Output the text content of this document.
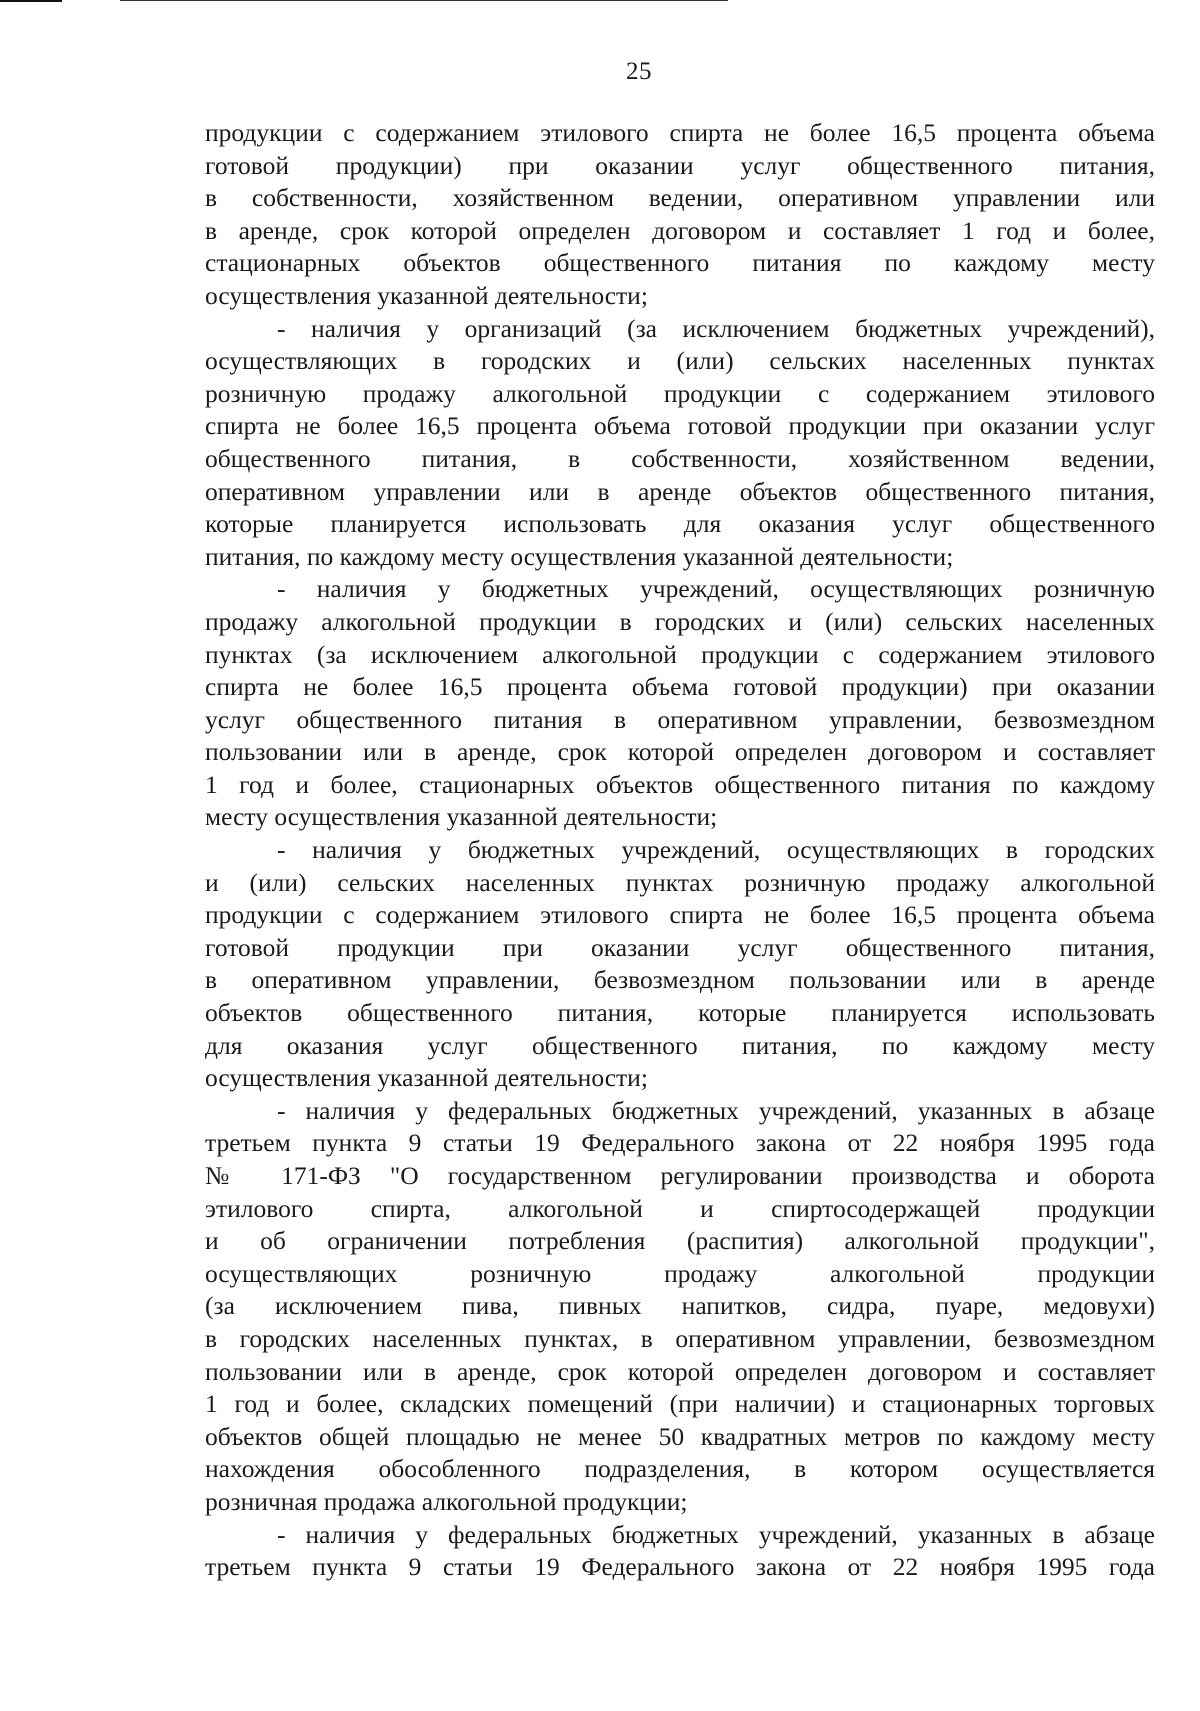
25
продукции с содержанием этилового спирта не более 16,5 процента объема
готовой продукции) при оказании услуг общественного питания,
в собственности, хозяйственном ведении, оперативном управлении или
в аренде, срок которой определен договором и составляет 1 год и более,
стационарных объектов общественного питания по каждому месту
осуществления указанной деятельности;
- наличия у организаций (за исключением бюджетных учреждений),
осуществляющих в городских и (или) сельских населенных пунктах
розничную продажу алкогольной продукции с содержанием этилового
спирта не более 16,5 процента объема готовой продукции при оказании услуг
общественного питания, в собственности, хозяйственном ведении,
оперативном управлении или в аренде объектов общественного питания,
которые планируется использовать для оказания услуг общественного
питания, по каждому месту осуществления указанной деятельности;
- наличия у бюджетных учреждений, осуществляющих розничную
продажу алкогольной продукции в городских и (или) сельских населенных
пунктах (за исключением алкогольной продукции с содержанием этилового
спирта не более 16,5 процента объема готовой продукции) при оказании
услуг общественного питания в оперативном управлении, безвозмездном
пользовании или в аренде, срок которой определен договором и составляет
1 год и более, стационарных объектов общественного питания по каждому
месту осуществления указанной деятельности;
- наличия у бюджетных учреждений, осуществляющих в городских
и (или) сельских населенных пунктах розничную продажу алкогольной
продукции с содержанием этилового спирта не более 16,5 процента объема
готовой продукции при оказании услуг общественного питания,
в оперативном управлении, безвозмездном пользовании или в аренде
объектов общественного питания, которые планируется использовать
для оказания услуг общественного питания, по каждому месту
осуществления указанной деятельности;
- наличия у федеральных бюджетных учреждений, указанных в абзаце
третьем пункта 9 статьи 19 Федерального закона от 22 ноября 1995 года
№ 171-ФЗ "О государственном регулировании производства и оборота
этилового спирта, алкогольной и спиртосодержащей продукции
и об ограничении потребления (распития) алкогольной продукции",
осуществляющих розничную продажу алкогольной продукции
(за исключением пива, пивных напитков, сидра, пуаре, медовухи)
в городских населенных пунктах, в оперативном управлении, безвозмездном
пользовании или в аренде, срок которой определен договором и составляет
1 год и более, складских помещений (при наличии) и стационарных торговых
объектов общей площадью не менее 50 квадратных метров по каждому месту
нахождения обособленного подразделения, в котором осуществляется
розничная продажа алкогольной продукции;
- наличия у федеральных бюджетных учреждений, указанных в абзаце
третьем пункта 9 статьи 19 Федерального закона от 22 ноября 1995 года
